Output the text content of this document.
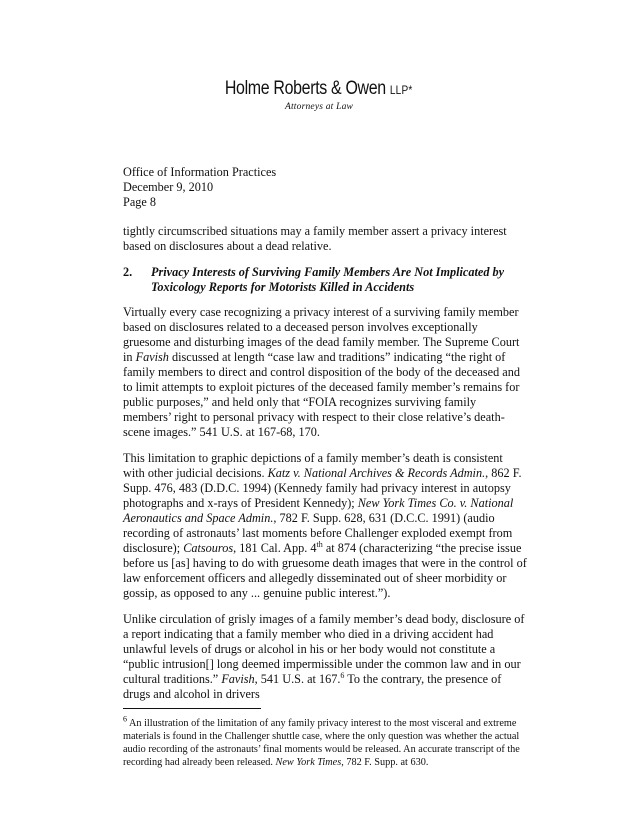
Holme Roberts & Owen LLP*
Attorneys at Law

Office of Information Practices

December 9, 2010

Page 8

tightly circumscribed situations may a family member assert a privacy interest based on disclosures about a dead relative.

2.	Privacy Interests of Surviving Family Members Are Not Implicated by Toxicology Reports for Motorists Killed in Accidents

Virtually every case recognizing a privacy interest of a surviving family member based on disclosures related to a deceased person involves exceptionally gruesome and disturbing images of the dead family member. The Supreme Court in Favish discussed at length “case law and traditions” indicating “the right of family members to direct and control disposition of the body of the deceased and to limit attempts to exploit pictures of the deceased family member’s remains for public purposes,” and held only that “FOIA recognizes surviving family members’ right to personal privacy with respect to their close relative’s death-scene images.” 541 U.S. at 167-68, 170.

This limitation to graphic depictions of a family member’s death is consistent with other judicial decisions. Katz v. National Archives & Records Admin., 862 F. Supp. 476, 483 (D.D.C. 1994) (Kennedy family had privacy interest in autopsy photographs and x-rays of President Kennedy); New York Times Co. v. National Aeronautics and Space Admin., 782 F. Supp. 628, 631 (D.C.C. 1991) (audio recording of astronauts’ last moments before Challenger exploded exempt from disclosure); Catsouros, 181 Cal. App. 4th at 874 (characterizing “the precise issue before us [as] having to do with gruesome death images that were in the control of law enforcement officers and allegedly disseminated out of sheer morbidity or gossip, as opposed to any ... genuine public interest.”).

Unlike circulation of grisly images of a family member’s dead body, disclosure of a report indicating that a family member who died in a driving accident had unlawful levels of drugs or alcohol in his or her body would not constitute a “public intrusion[] long deemed impermissible under the common law and in our cultural traditions.” Favish, 541 U.S. at 167.$^6$ To the contrary, the presence of drugs and alcohol in drivers

$^6$ An illustration of the limitation of any family privacy interest to the most visceral and extreme materials is found in the Challenger shuttle case, where the only question was whether the actual audio recording of the astronauts’ final moments would be released. An accurate transcript of the recording had already been released. New York Times, 782 F. Supp. at 630.
